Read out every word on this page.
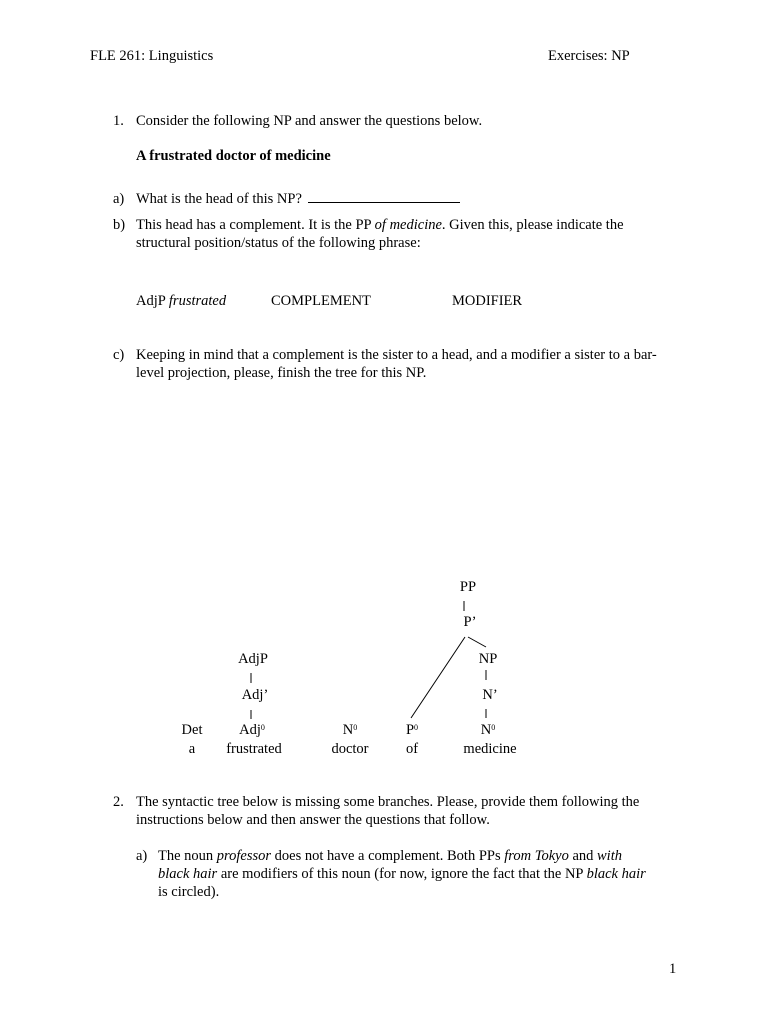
FLE 261: Linguistics	Exercises: NP
1. Consider the following NP and answer the questions below.
A frustrated doctor of medicine
a) What is the head of this NP?
b) This head has a complement. It is the PP of medicine. Given this, please indicate the
structural position/status of the following phrase:
AdjP frustrated	COMPLEMENT	MODIFIER
c) Keeping in mind that a complement is the sister to a head, and a modifier a sister to a bar-
level projection, please, finish the tree for this NP.
PP
P’
AdjP	NP
Adj’	N’
Det	Adj$^0$	$N^0$	$P^0$	$N^0$
a	frustrated	doctor	of	medicine
2. The syntactic tree below is missing some branches. Please, provide them following the
instructions below and then answer the questions that follow.
a) The noun professor does not have a complement. Both PPs from Tokyo and with
black hair are modifiers of this noun (for now, ignore the fact that the NP black hair
is circled).
1
